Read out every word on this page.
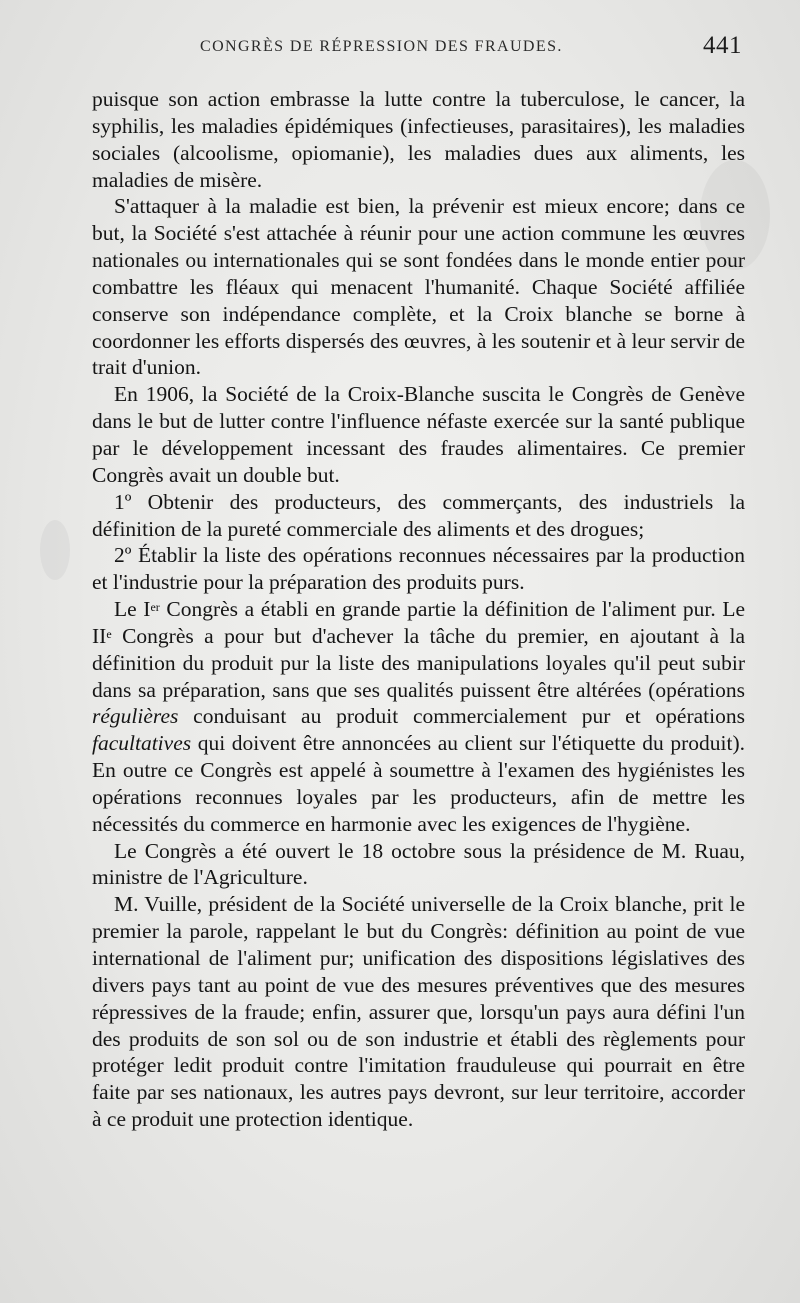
CONGRÈS DE RÉPRESSION DES FRAUDES.	441

puisque son action embrasse la lutte contre la tuberculose, le cancer, la syphilis, les maladies épidémiques (infectieuses, parasitaires), les maladies sociales (alcoolisme, opiomanie), les maladies dues aux aliments, les maladies de misère.

S'attaquer à la maladie est bien, la prévenir est mieux encore; dans ce but, la Société s'est attachée à réunir pour une action commune les œuvres nationales ou internationales qui se sont fondées dans le monde entier pour combattre les fléaux qui menacent l'humanité. Chaque Société affiliée conserve son indépendance complète, et la Croix blanche se borne à coordonner les efforts dispersés des œuvres, à les soutenir et à leur servir de trait d'union.

En 1906, la Société de la Croix-Blanche suscita le Congrès de Genève dans le but de lutter contre l'influence néfaste exercée sur la santé publique par le développement incessant des fraudes alimentaires. Ce premier Congrès avait un double but.

1º Obtenir des producteurs, des commerçants, des industriels la définition de la pureté commerciale des aliments et des drogues;

2º Établir la liste des opérations reconnues nécessaires par la production et l'industrie pour la préparation des produits purs.

Le Ier Congrès a établi en grande partie la définition de l'aliment pur. Le IIe Congrès a pour but d'achever la tâche du premier, en ajoutant à la définition du produit pur la liste des manipulations loyales qu'il peut subir dans sa préparation, sans que ses qualités puissent être altérées (opérations régulières conduisant au produit commercialement pur et opérations facultatives qui doivent être annoncées au client sur l'étiquette du produit). En outre ce Congrès est appelé à soumettre à l'examen des hygiénistes les opérations reconnues loyales par les producteurs, afin de mettre les nécessités du commerce en harmonie avec les exigences de l'hygiène.

Le Congrès a été ouvert le 18 octobre sous la présidence de M. Ruau, ministre de l'Agriculture.

M. Vuille, président de la Société universelle de la Croix blanche, prit le premier la parole, rappelant le but du Congrès: définition au point de vue international de l'aliment pur; unification des dispositions législatives des divers pays tant au point de vue des mesures préventives que des mesures répressives de la fraude; enfin, assurer que, lorsqu'un pays aura défini l'un des produits de son sol ou de son industrie et établi des règlements pour protéger ledit produit contre l'imitation frauduleuse qui pourrait en être faite par ses nationaux, les autres pays devront, sur leur territoire, accorder à ce produit une protection identique.
